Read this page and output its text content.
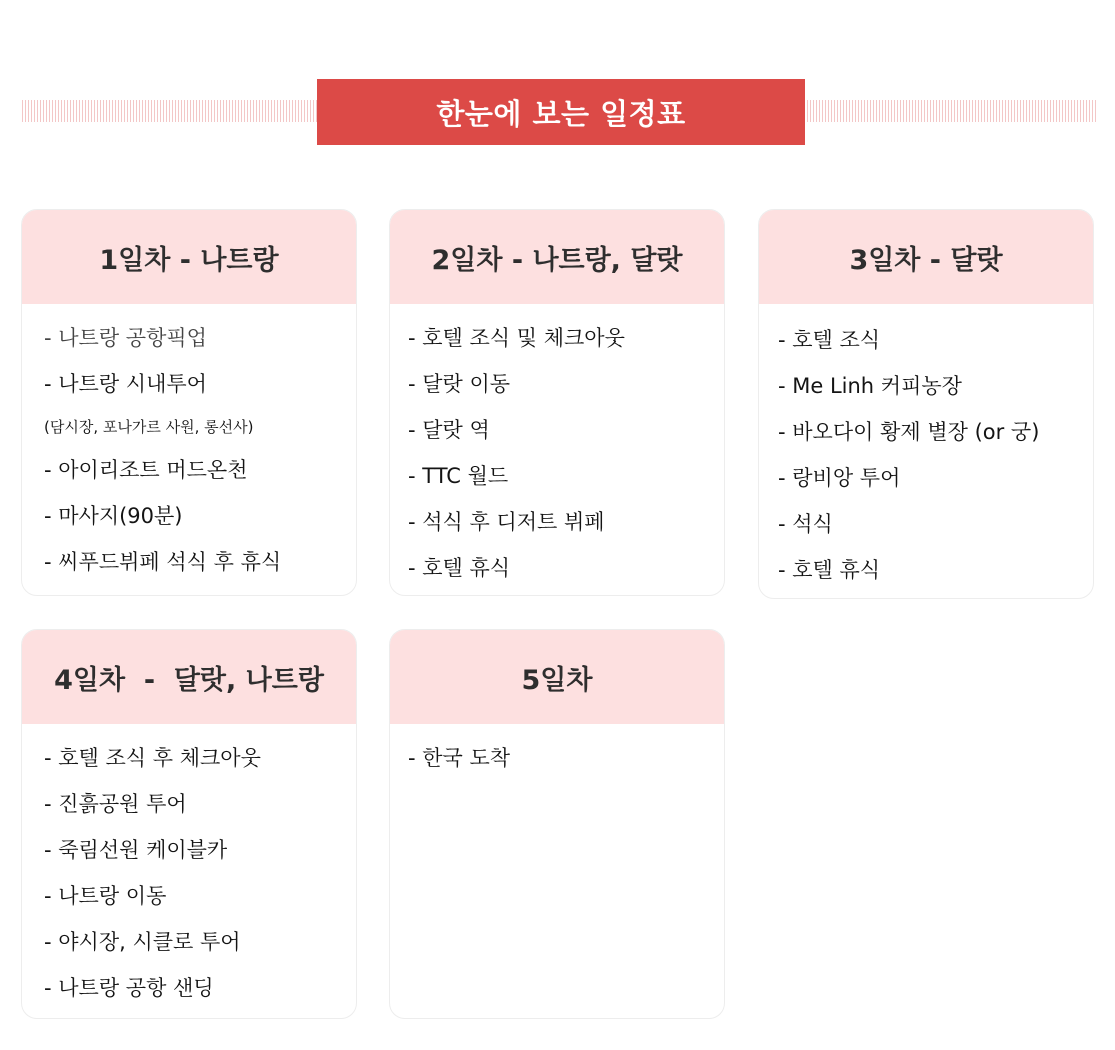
한눈에 보는 일정표
1일차 - 나트랑
- 나트랑 공항픽업
- 나트랑 시내투어
(담시장, 포나가르 사원, 롱선사)
- 아이리조트 머드온천
- 마사지(90분)
- 씨푸드뷔페 석식 후 휴식
2일차 - 나트랑, 달랏
- 호텔 조식 및 체크아웃
- 달랏 이동
- 달랏 역
- TTC 월드
- 석식 후 디저트 뷔페
- 호텔 휴식
3일차 - 달랏
- 호텔 조식
- Me Linh 커피농장
- 바오다이 황제 별장 (or 궁)
- 랑비앙 투어
- 석식
- 호텔 휴식
4일차  -  달랏, 나트랑
- 호텔 조식 후 체크아웃
- 진흙공원 투어
- 죽림선원 케이블카
- 나트랑 이동
- 야시장, 시클로 투어
- 나트랑 공항 샌딩
5일차
- 한국 도착
